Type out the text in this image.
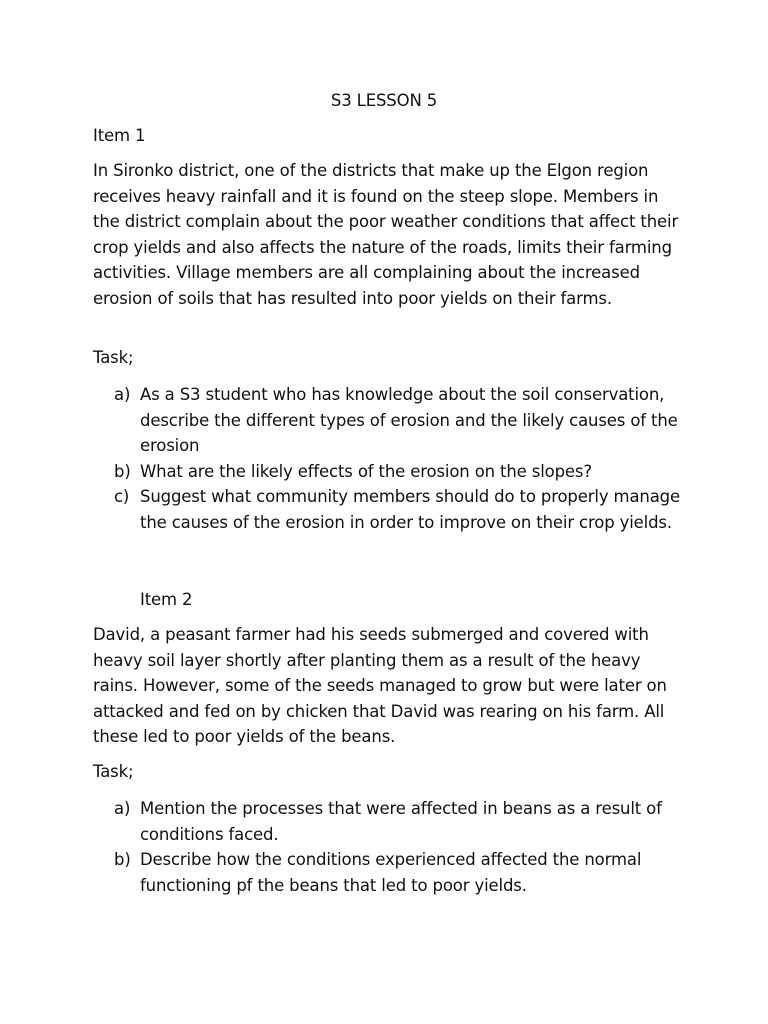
S3 LESSON 5

Item 1

In Sironko district, one of the districts that make up the Elgon region receives heavy rainfall and it is found on the steep slope. Members in the district complain about the poor weather conditions that affect their crop yields and also affects the nature of the roads, limits their farming activities. Village members are all complaining about the increased erosion of soils that has resulted into poor yields on their farms.

Task;

a) As a S3 student who has knowledge about the soil conservation, describe the different types of erosion and the likely causes of the erosion
b) What are the likely effects of the erosion on the slopes?
c) Suggest what community members should do to properly manage the causes of the erosion in order to improve on their crop yields.

Item 2

David, a peasant farmer had his seeds submerged and covered with heavy soil layer shortly after planting them as a result of the heavy rains. However, some of the seeds managed to grow but were later on attacked and fed on by chicken that David was rearing on his farm. All these led to poor yields of the beans.

Task;

a) Mention the processes that were affected in beans as a result of conditions faced.
b) Describe how the conditions experienced affected the normal functioning pf the beans that led to poor yields.
